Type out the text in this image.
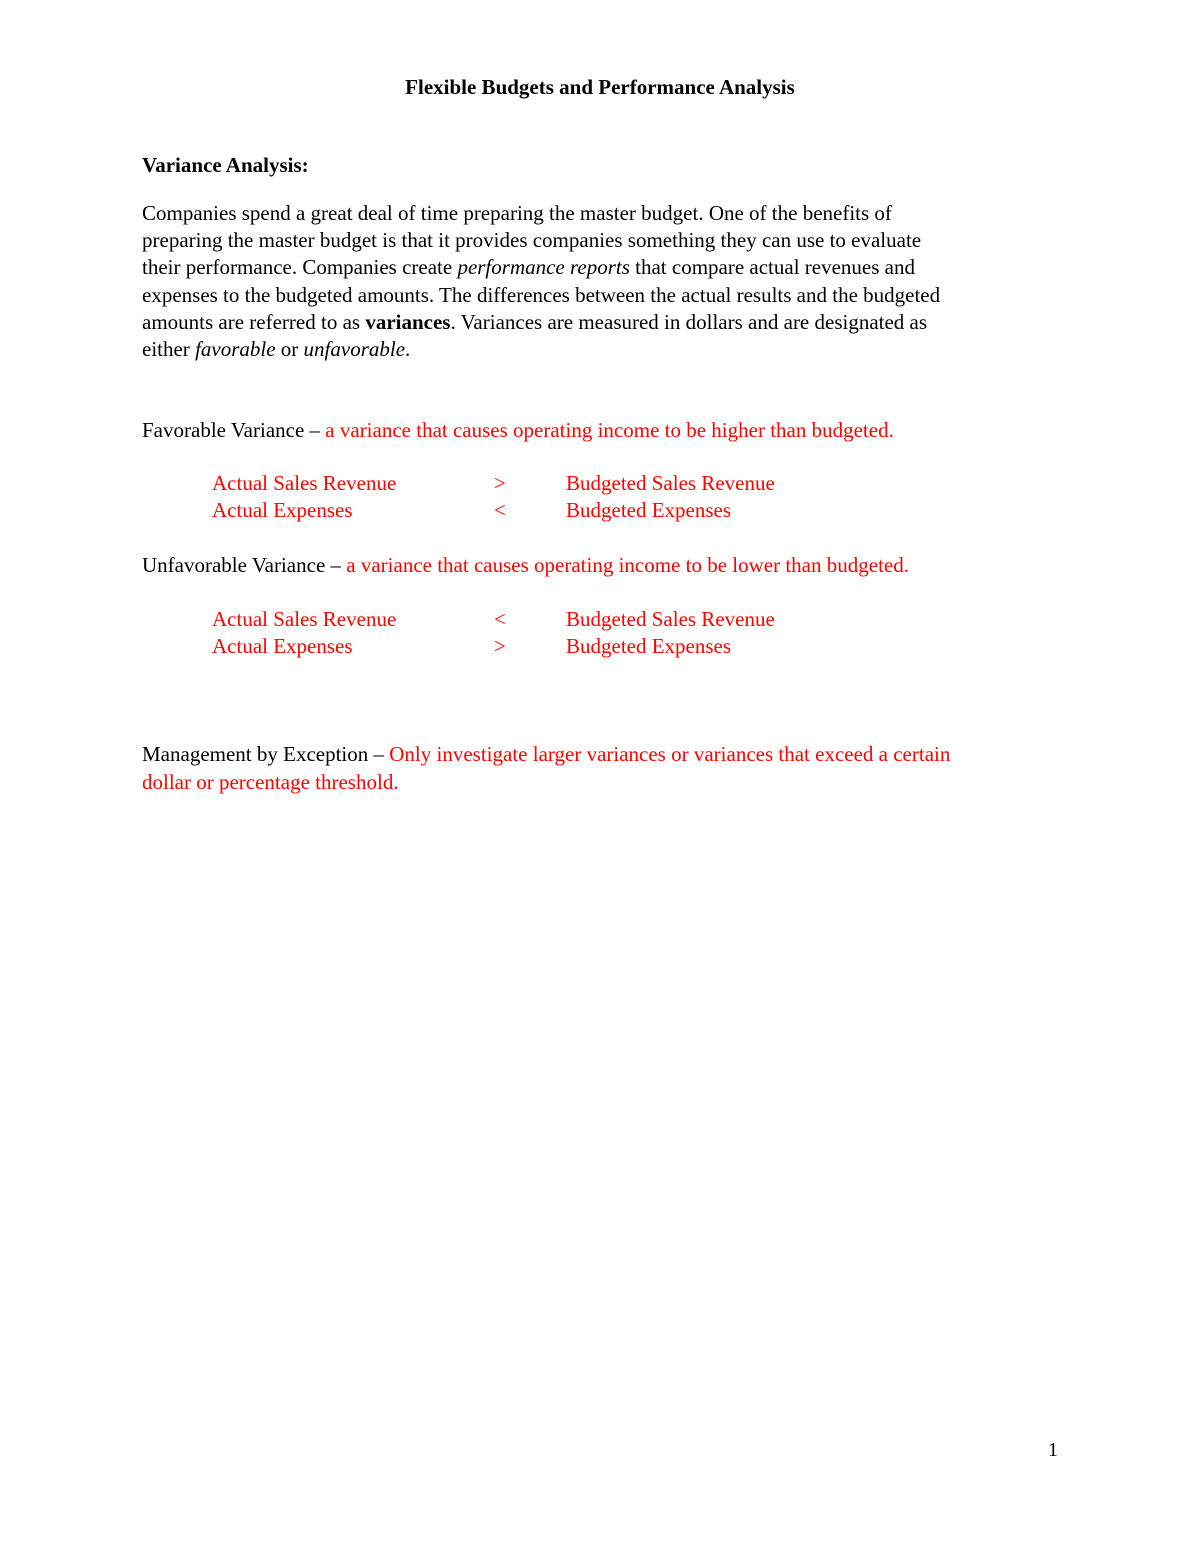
Flexible Budgets and Performance Analysis
Variance Analysis:
Companies spend a great deal of time preparing the master budget. One of the benefits of
preparing the master budget is that it provides companies something they can use to evaluate
their performance. Companies create performance reports that compare actual revenues and
expenses to the budgeted amounts. The differences between the actual results and the budgeted
amounts are referred to as variances. Variances are measured in dollars and are designated as
either favorable or unfavorable.
Favorable Variance – a variance that causes operating income to be higher than budgeted.
Actual Sales Revenue	>	Budgeted Sales Revenue
Actual Expenses	<	Budgeted Expenses
Unfavorable Variance – a variance that causes operating income to be lower than budgeted.
Actual Sales Revenue	<	Budgeted Sales Revenue
Actual Expenses	>	Budgeted Expenses
Management by Exception – Only investigate larger variances or variances that exceed a certain
dollar or percentage threshold.
1
